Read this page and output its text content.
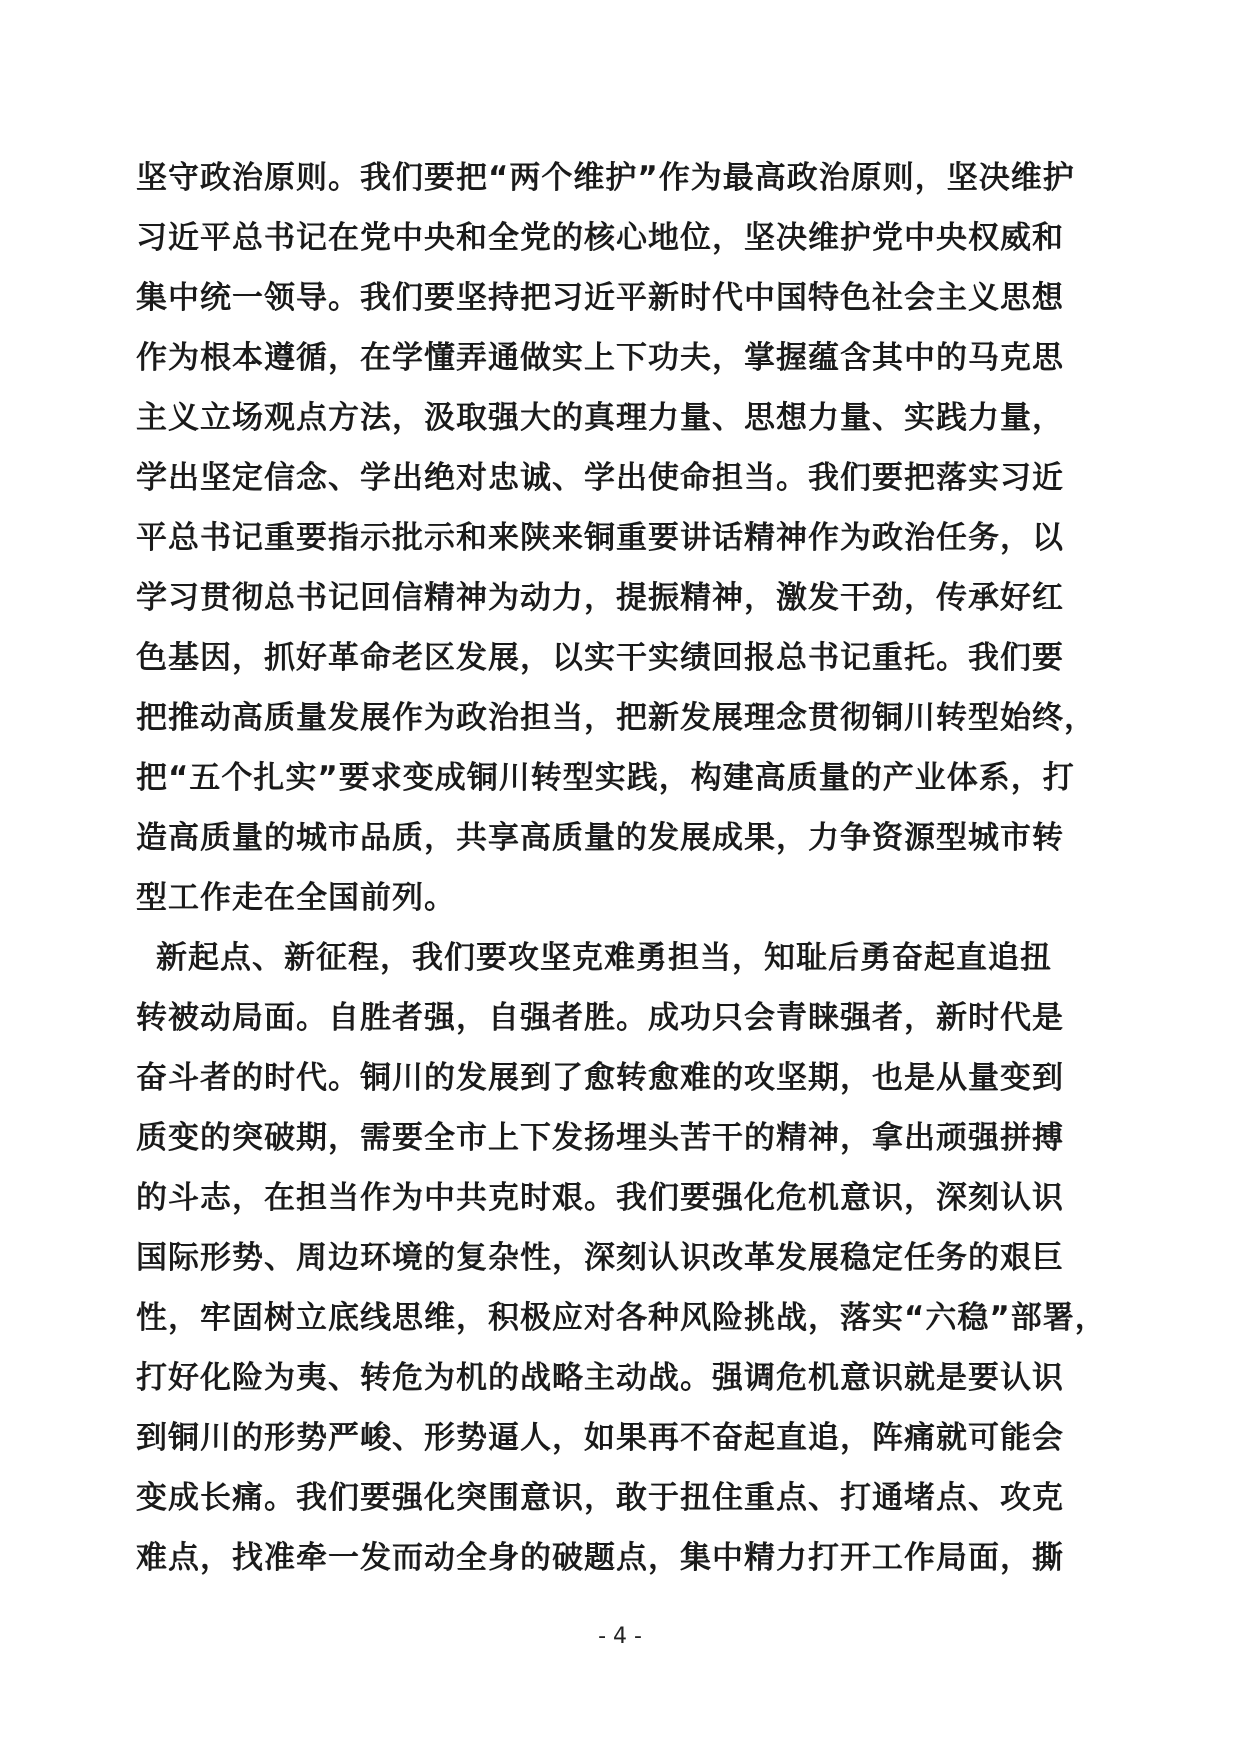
坚守政治原则。我们要把“两个维护”作为最高政治原则，坚决维护
习近平总书记在党中央和全党的核心地位，坚决维护党中央权威和
集中统一领导。我们要坚持把习近平新时代中国特色社会主义思想
作为根本遵循，在学懂弄通做实上下功夫，掌握蕴含其中的马克思
主义立场观点方法，汲取强大的真理力量、思想力量、实践力量，
学出坚定信念、学出绝对忠诚、学出使命担当。我们要把落实习近
平总书记重要指示批示和来陕来铜重要讲话精神作为政治任务，以
学习贯彻总书记回信精神为动力，提振精神，激发干劲，传承好红
色基因，抓好革命老区发展，以实干实绩回报总书记重托。我们要
把推动高质量发展作为政治担当，把新发展理念贯彻铜川转型始终，
把“五个扎实”要求变成铜川转型实践，构建高质量的产业体系，打
造高质量的城市品质，共享高质量的发展成果，力争资源型城市转
型工作走在全国前列。
新起点、新征程，我们要攻坚克难勇担当，知耻后勇奋起直追扭
转被动局面。自胜者强，自强者胜。成功只会青睐强者，新时代是
奋斗者的时代。铜川的发展到了愈转愈难的攻坚期，也是从量变到
质变的突破期，需要全市上下发扬埋头苦干的精神，拿出顽强拼搏
的斗志，在担当作为中共克时艰。我们要强化危机意识，深刻认识
国际形势、周边环境的复杂性，深刻认识改革发展稳定任务的艰巨
性，牢固树立底线思维，积极应对各种风险挑战，落实“六稳”部署，
打好化险为夷、转危为机的战略主动战。强调危机意识就是要认识
到铜川的形势严峻、形势逼人，如果再不奋起直追，阵痛就可能会
变成长痛。我们要强化突围意识，敢于扭住重点、打通堵点、攻克
难点，找准牵一发而动全身的破题点，集中精力打开工作局面，撕
- 4 -
